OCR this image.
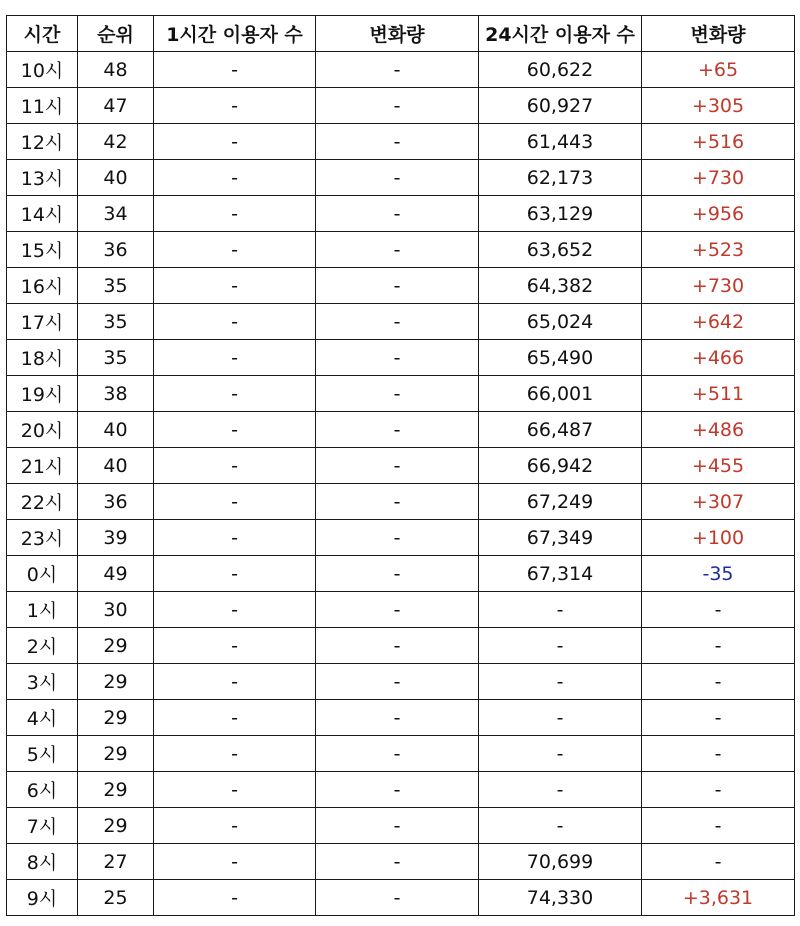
시간	순위	1시간 이용자 수	변화량	24시간 이용자 수	변화량
10시	48	-	-	60,622	+65
11시	47	-	-	60,927	+305
12시	42	-	-	61,443	+516
13시	40	-	-	62,173	+730
14시	34	-	-	63,129	+956
15시	36	-	-	63,652	+523
16시	35	-	-	64,382	+730
17시	35	-	-	65,024	+642
18시	35	-	-	65,490	+466
19시	38	-	-	66,001	+511
20시	40	-	-	66,487	+486
21시	40	-	-	66,942	+455
22시	36	-	-	67,249	+307
23시	39	-	-	67,349	+100
0시	49	-	-	67,314	-35
1시	30	-	-	-	-
2시	29	-	-	-	-
3시	29	-	-	-	-
4시	29	-	-	-	-
5시	29	-	-	-	-
6시	29	-	-	-	-
7시	29	-	-	-	-
8시	27	-	-	70,699	-
9시	25	-	-	74,330	+3,631
